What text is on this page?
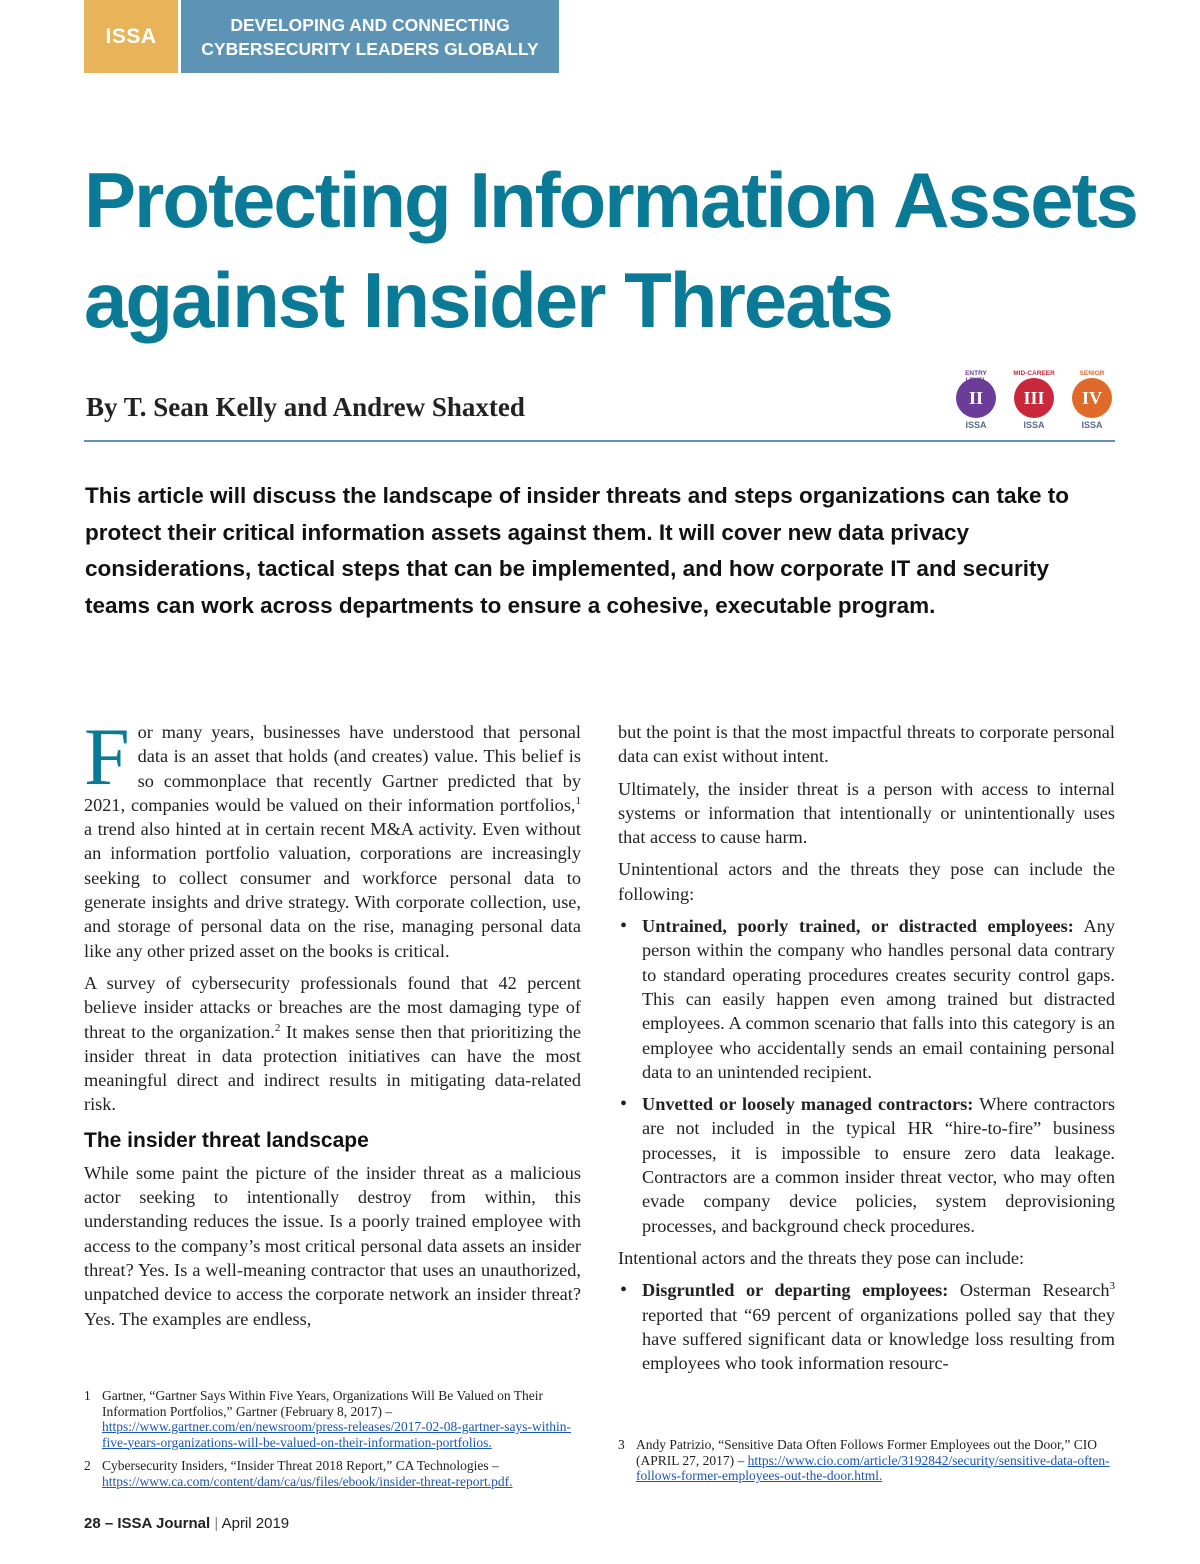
ISSA	DEVELOPING AND CONNECTING
CYBERSECURITY LEADERS GLOBALLY
Protecting Information Assets
against Insider Threats
By T. Sean Kelly and Andrew Shaxted
ENTRY LEVEL
II
ISSA
MID-CAREER
III
ISSA
SENIOR
IV
ISSA

This article will discuss the landscape of insider threats and steps organizations can take to protect their critical information assets against them. It will cover new data privacy considerations, tactical steps that can be implemented, and how corporate IT and security teams can work across departments to ensure a cohesive, executable program.

For many years, businesses have understood that personal data is an asset that holds (and creates) value. This belief is so commonplace that recently Gartner predicted that by 2021, companies would be valued on their information portfolios,$^1$ a trend also hinted at in certain recent M&A activity. Even without an information portfolio valuation, corporations are increasingly seeking to collect consumer and workforce personal data to generate insights and drive strategy. With corporate collection, use, and storage of personal data on the rise, managing personal data like any other prized asset on the books is critical.

A survey of cybersecurity professionals found that 42 percent believe insider attacks or breaches are the most damaging type of threat to the organization.$^2$ It makes sense then that prioritizing the insider threat in data protection initiatives can have the most meaningful direct and indirect results in mitigating data-related risk.

The insider threat landscape

While some paint the picture of the insider threat as a malicious actor seeking to intentionally destroy from within, this understanding reduces the issue. Is a poorly trained employee with access to the company’s most critical personal data assets an insider threat? Yes. Is a well-meaning contractor that uses an unauthorized, unpatched device to access the corporate network an insider threat? Yes. The examples are endless,

but the point is that the most impactful threats to corporate personal data can exist without intent.

Ultimately, the insider threat is a person with access to internal systems or information that intentionally or unintentionally uses that access to cause harm.

Unintentional actors and the threats they pose can include the following:

• Untrained, poorly trained, or distracted employees: Any person within the company who handles personal data contrary to standard operating procedures creates security control gaps. This can easily happen even among trained but distracted employees. A common scenario that falls into this category is an employee who accidentally sends an email containing personal data to an unintended recipient.
• Unvetted or loosely managed contractors: Where contractors are not included in the typical HR “hire-to-fire” business processes, it is impossible to ensure zero data leakage. Contractors are a common insider threat vector, who may often evade company device policies, system deprovisioning processes, and background check procedures.

Intentional actors and the threats they pose can include:

• Disgruntled or departing employees: Osterman Research$^3$ reported that “69 percent of organizations polled say that they have suffered significant data or knowledge loss resulting from employees who took information resourc-
1 Gartner, “Gartner Says Within Five Years, Organizations Will Be Valued on Their Information Portfolios,” Gartner (February 8, 2017) – https://www.gartner.com/en/newsroom/press-releases/2017-02-08-gartner-says-within-five-years-organizations-will-be-valued-on-their-information-portfolios.
2 Cybersecurity Insiders, “Insider Threat 2018 Report,” CA Technologies – https://www.ca.com/content/dam/ca/us/files/ebook/insider-threat-report.pdf.
3 Andy Patrizio, “Sensitive Data Often Follows Former Employees out the Door,” CIO (APRIL 27, 2017) – https://www.cio.com/article/3192842/security/sensitive-data-often-follows-former-employees-out-the-door.html.
28 – ISSA Journal | April 2019
